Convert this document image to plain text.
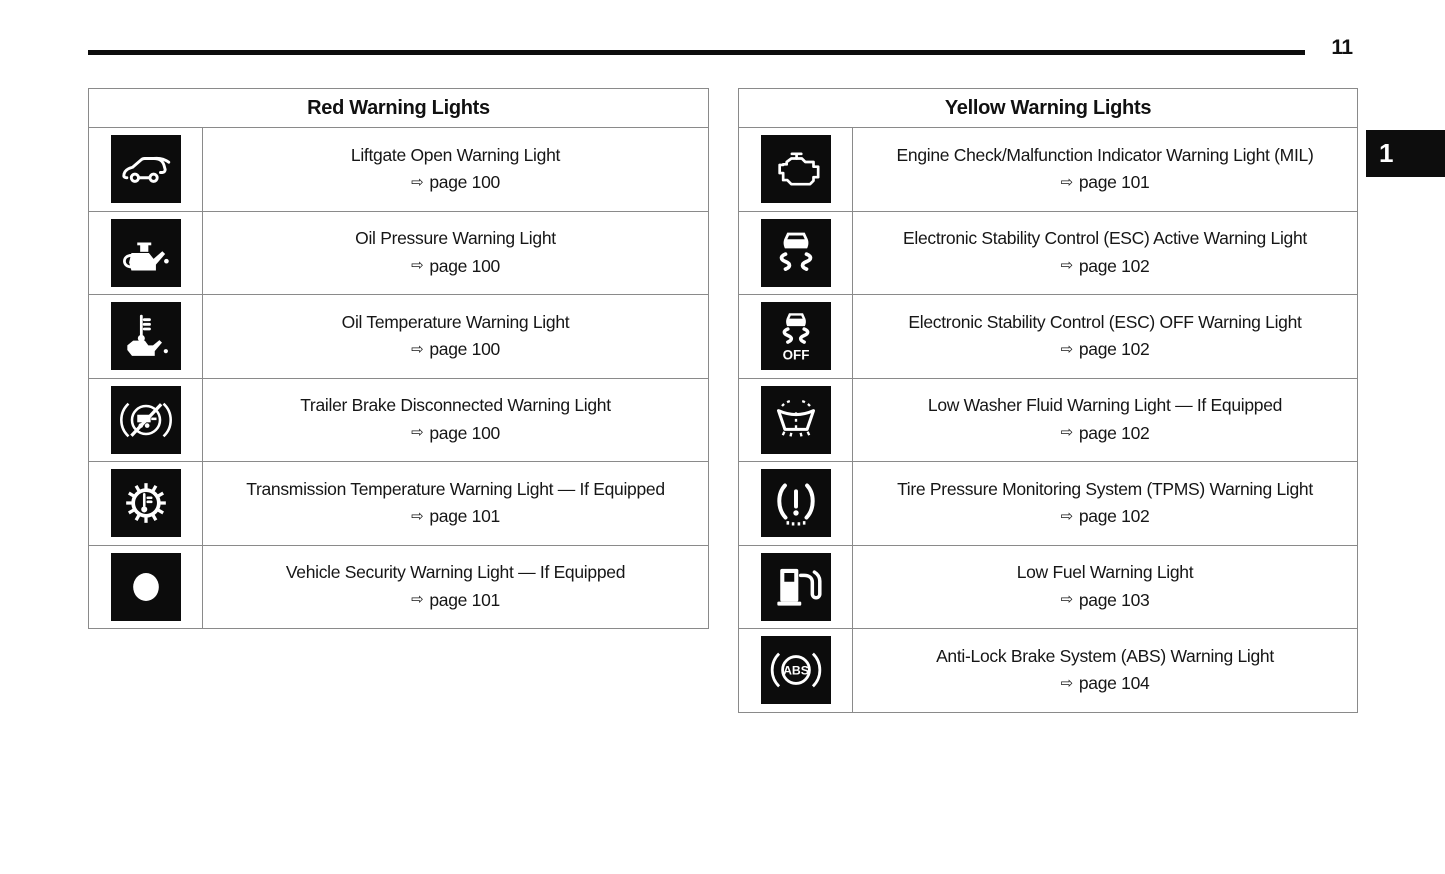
11
1
Red Warning Lights
Liftgate Open Warning Light
⇨ page 100
Oil Pressure Warning Light
⇨ page 100
Oil Temperature Warning Light
⇨ page 100
Trailer Brake Disconnected Warning Light
⇨ page 100
Transmission Temperature Warning Light — If Equipped
⇨ page 101
Vehicle Security Warning Light — If Equipped
⇨ page 101
Yellow Warning Lights
Engine Check/Malfunction Indicator Warning Light (MIL)
⇨ page 101
Electronic Stability Control (ESC) Active Warning Light
⇨ page 102
Electronic Stability Control (ESC) OFF Warning Light
⇨ page 102
Low Washer Fluid Warning Light — If Equipped
⇨ page 102
Tire Pressure Monitoring System (TPMS) Warning Light
⇨ page 102
Low Fuel Warning Light
⇨ page 103
Anti-Lock Brake System (ABS) Warning Light
⇨ page 104
